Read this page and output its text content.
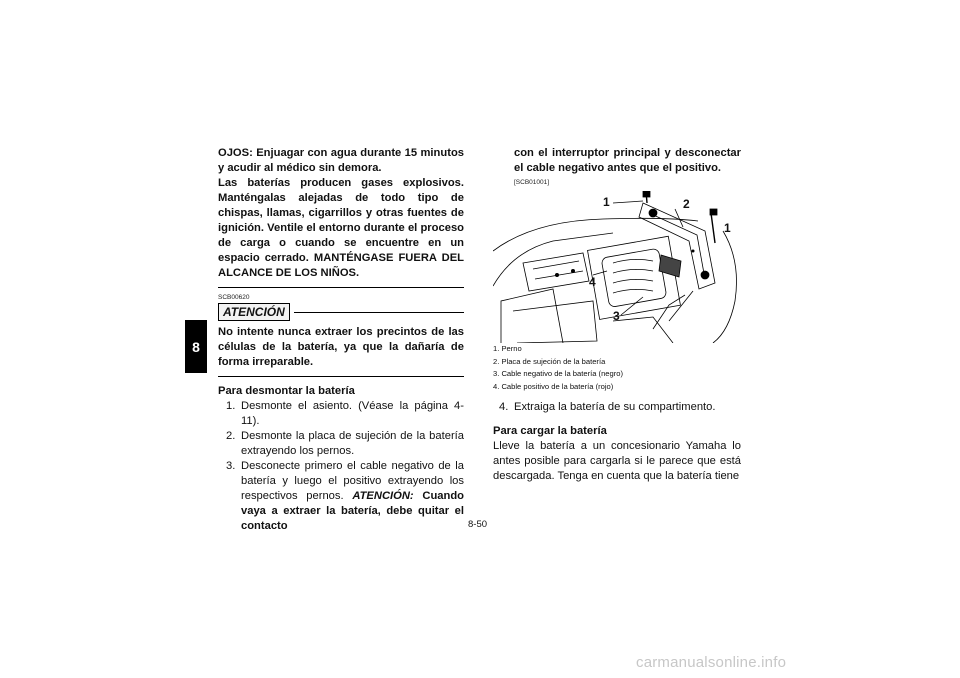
8

OJOS: Enjuagar con agua durante 15 minutos y acudir al médico sin demora.

Las baterías producen gases explosivos. Manténgalas alejadas de todo tipo de chispas, llamas, cigarrillos y otras fuentes de ignición. Ventile el entorno durante el proceso de carga o cuando se encuentre en un espacio cerrado. MANTÉNGASE FUERA DEL ALCANCE DE LOS NIÑOS.

SCB00620

ATENCIÓN

No intente nunca extraer los precintos de las células de la batería, ya que la dañaría de forma irreparable.

Para desmontar la batería

1. Desmonte el asiento. (Véase la página 4-11).
2. Desmonte la placa de sujeción de la batería extrayendo los pernos.
3. Desconecte primero el cable negativo de la batería y luego el positivo extrayendo los respectivos pernos. ATENCIÓN: Cuando vaya a extraer la batería, debe quitar el contacto

con el interruptor principal y desconectar el cable negativo antes que el positivo.

[SCB01001]

1	2
1
4
3
1. Perno
2. Placa de sujeción de la batería
3. Cable negativo de la batería (negro)
4. Cable positivo de la batería (rojo)
4. Extraiga la batería de su compartimento.

Para cargar la batería

Lleve la batería a un concesionario Yamaha lo antes posible para cargarla si le parece que está descargada. Tenga en cuenta que la batería tiene

8-50
carmanualsonline.info
